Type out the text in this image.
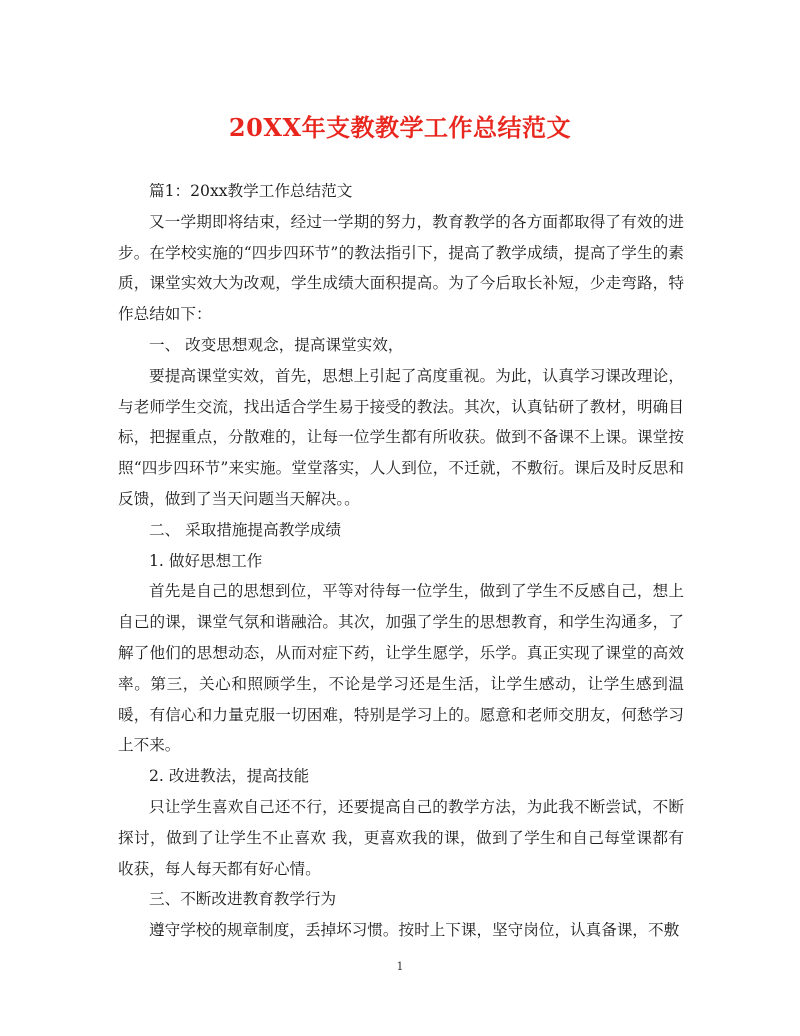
20XX年支教教学工作总结范文

篇1：20xx教学工作总结范文

又一学期即将结束，经过一学期的努力，教育教学的各方面都取得了有效的进步。在学校实施的“四步四环节”的教法指引下，提高了教学成绩，提高了学生的素质，课堂实效大为改观，学生成绩大面积提高。为了今后取长补短，少走弯路，特作总结如下：

一、 改变思想观念，提高课堂实效，

要提高课堂实效，首先，思想上引起了高度重视。为此，认真学习课改理论，与老师学生交流，找出适合学生易于接受的教法。其次，认真钻研了教材，明确目标，把握重点，分散难的，让每一位学生都有所收获。做到不备课不上课。课堂按照“四步四环节”来实施。堂堂落实，人人到位，不迁就，不敷衍。课后及时反思和反馈，做到了当天问题当天解决。。

二、 采取措施提高教学成绩

1. 做好思想工作

首先是自己的思想到位，平等对待每一位学生，做到了学生不反感自己，想上自己的课，课堂气氛和谐融洽。其次，加强了学生的思想教育，和学生沟通多，了解了他们的思想动态，从而对症下药，让学生愿学，乐学。真正实现了课堂的高效率。第三，关心和照顾学生，不论是学习还是生活，让学生感动，让学生感到温暖，有信心和力量克服一切困难，特别是学习上的。愿意和老师交朋友，何愁学习上不来。

2. 改进教法，提高技能

只让学生喜欢自己还不行，还要提高自己的教学方法，为此我不断尝试，不断探讨，做到了让学生不止喜欢 我，更喜欢我的课，做到了学生和自己每堂课都有收获，每人每天都有好心情。

三、不断改进教育教学行为

遵守学校的规章制度，丢掉坏习惯。按时上下课，坚守岗位，认真备课，不敷

1
